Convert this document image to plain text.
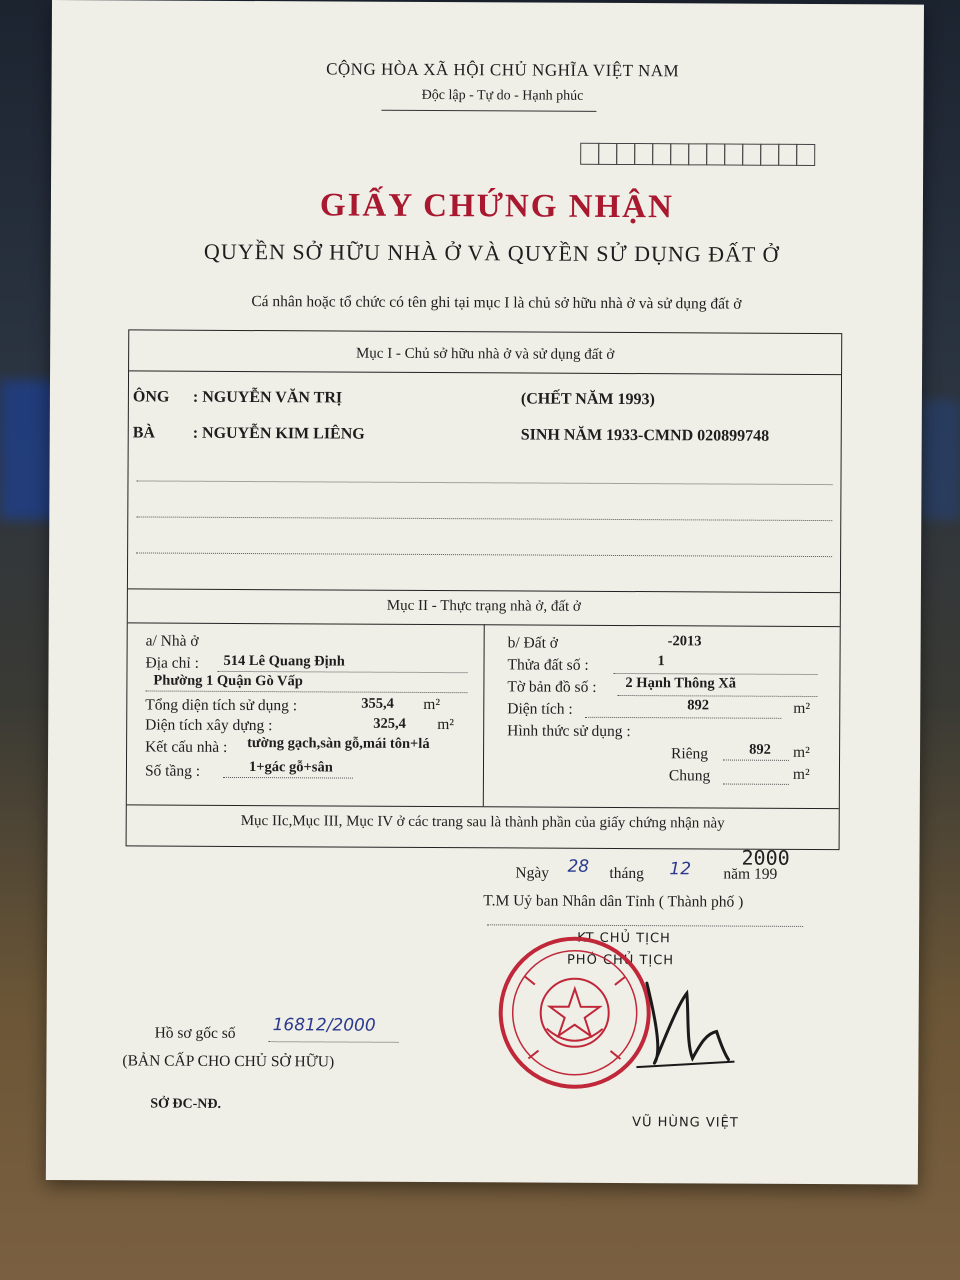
CỘNG HÒA XÃ HỘI CHỦ NGHĨA VIỆT NAM
Độc lập - Tự do - Hạnh phúc
GIẤY CHỨNG NHẬN
QUYỀN SỞ HỮU NHÀ Ở VÀ QUYỀN SỬ DỤNG ĐẤT Ở
Cá nhân hoặc tổ chức có tên ghi tại mục I là chủ sở hữu nhà ở và sử dụng đất ở
Mục I - Chủ sở hữu nhà ở và sử dụng đất ở
ÔNG : NGUYỄN VĂN TRỊ	(CHẾT NĂM 1993)
BÀ : NGUYỄN KIM LIÊNG	SINH NĂM 1933-CMND 020899748
Mục II - Thực trạng nhà ở, đất ở
a/ Nhà ở
Địa chỉ : 514 Lê Quang Định
Phường 1 Quận Gò Vấp
Tổng diện tích sử dụng :	355,4 m²
Diện tích xây dựng :	325,4 m²
Kết cấu nhà : tường gạch,sàn gỗ,mái tôn+lá
Số tầng :	1+gác gỗ+sân
b/ Đất ở	-2013
Thửa đất số :	1
Tờ bản đồ số : 2 Hạnh Thông Xã
Diện tích :	892	m²
Hình thức sử dụng :
Riêng	892 m²
Chung	m²
Mục IIc,Mục III, Mục IV ở các trang sau là thành phần của giấy chứng nhận này
2000
Ngày 28 tháng 12 năm 199
T.M Uỷ ban Nhân dân Tỉnh ( Thành phố )
KT CHỦ TỊCH
PHÓ CHỦ TỊCH
VŨ HÙNG VIỆT
Hồ sơ gốc số 16812/2000
(BẢN CẤP CHO CHỦ SỞ HỮU)
SỞ ĐC-NĐ.
